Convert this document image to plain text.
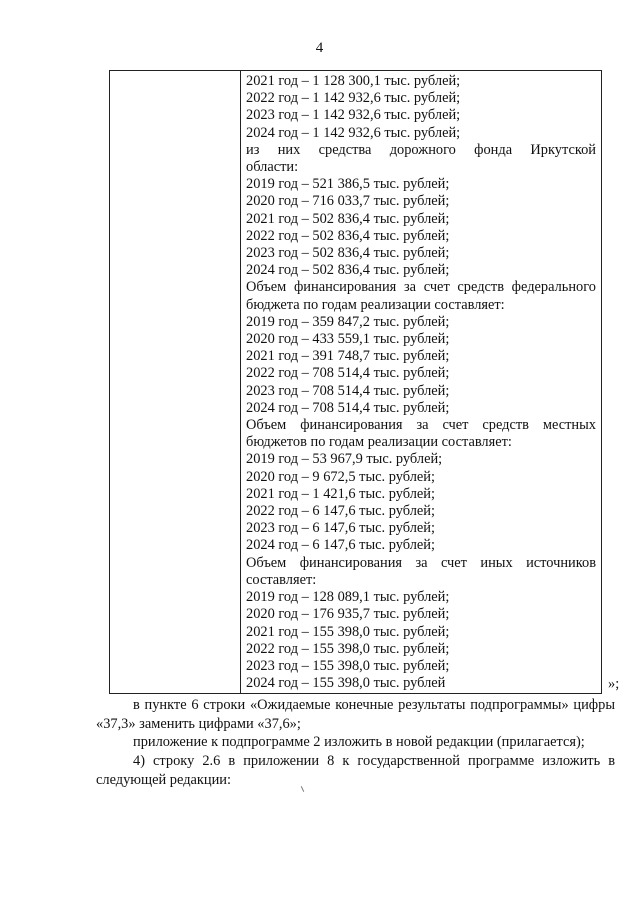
4
2021 год – 1 128 300,1 тыс. рублей;
2022 год – 1 142 932,6 тыс. рублей;
2023 год – 1 142 932,6 тыс. рублей;
2024 год – 1 142 932,6 тыс. рублей;
из них средства дорожного фонда Иркутской
области:
2019 год – 521 386,5 тыс. рублей;
2020 год – 716 033,7 тыс. рублей;
2021 год – 502 836,4 тыс. рублей;
2022 год – 502 836,4 тыс. рублей;
2023 год – 502 836,4 тыс. рублей;
2024 год – 502 836,4 тыс. рублей;
Объем финансирования за счет средств федерального
бюджета по годам реализации составляет:
2019 год – 359 847,2 тыс. рублей;
2020 год – 433 559,1 тыс. рублей;
2021 год – 391 748,7 тыс. рублей;
2022 год – 708 514,4 тыс. рублей;
2023 год – 708 514,4 тыс. рублей;
2024 год – 708 514,4 тыс. рублей;
Объем финансирования за счет средств местных
бюджетов по годам реализации составляет:
2019 год – 53 967,9 тыс. рублей;
2020 год – 9 672,5 тыс. рублей;
2021 год – 1 421,6 тыс. рублей;
2022 год – 6 147,6 тыс. рублей;
2023 год – 6 147,6 тыс. рублей;
2024 год – 6 147,6 тыс. рублей;
Объем финансирования за счет иных источников
составляет:
2019 год – 128 089,1 тыс. рублей;
2020 год – 176 935,7 тыс. рублей;
2021 год – 155 398,0 тыс. рублей;
2022 год – 155 398,0 тыс. рублей;
2023 год – 155 398,0 тыс. рублей;
2024 год – 155 398,0 тыс. рублей	»;
в пункте 6 строки «Ожидаемые конечные результаты подпрограммы» цифры «37,3» заменить цифрами «37,6»;
приложение к подпрограмме 2 изложить в новой редакции (прилагается);
4) строку 2.6 в приложении 8 к государственной программе изложить в следующей редакции:
